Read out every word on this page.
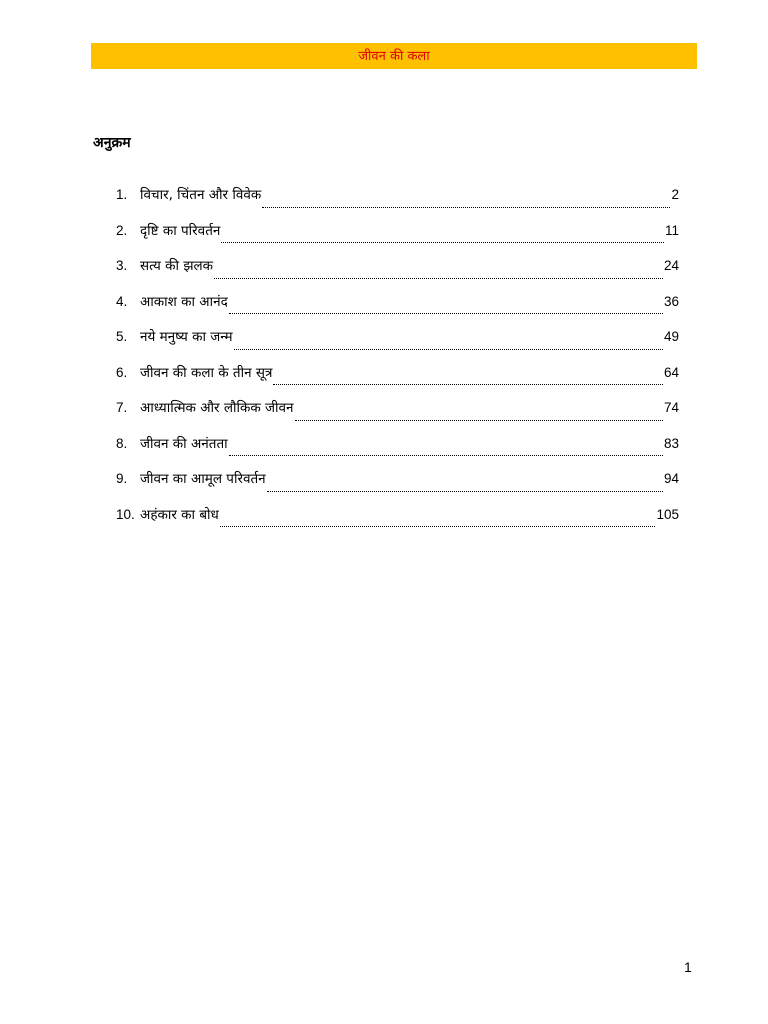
जीवन की कला
अनुक्रम
1. विचार, चिंतन और विवेक	2
2. दृष्टि का परिवर्तन	11
3. सत्य की झलक	24
4. आकाश का आनंद	36
5. नये मनुष्य का जन्म	49
6. जीवन की कला के तीन सूत्र	64
7. आध्यात्मिक और लौकिक जीवन	74
8. जीवन की अनंतता	83
9. जीवन का आमूल परिवर्तन	94
10. अहंकार का बोध	105
1
